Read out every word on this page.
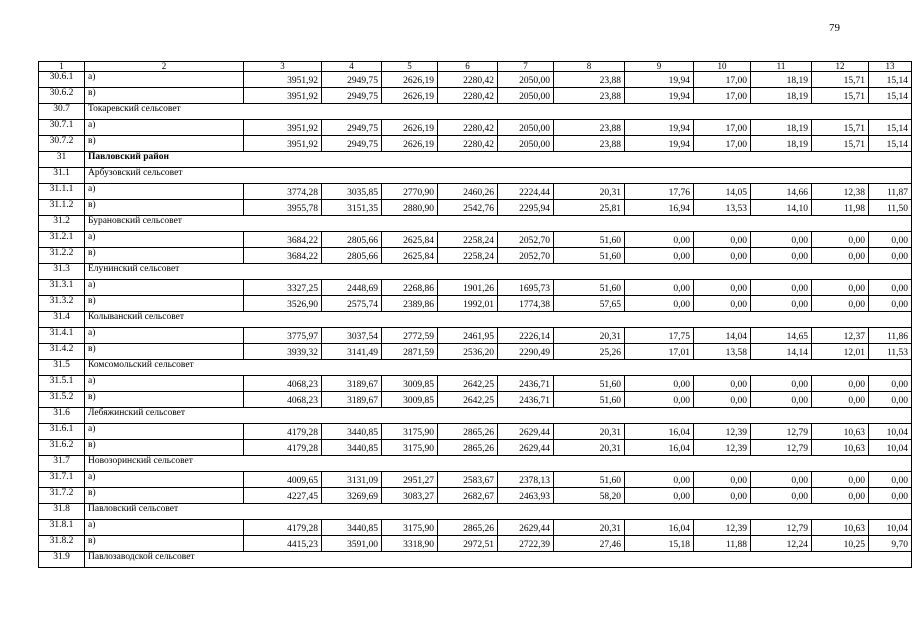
79
1	2	3	4	5	6	7	8	9	10	11	12	13
30.6.1	а)	3951,92	2949,75	2626,19	2280,42	2050,00	23,88	19,94	17,00	18,19	15,71	15,14
30.6.2	в)	3951,92	2949,75	2626,19	2280,42	2050,00	23,88	19,94	17,00	18,19	15,71	15,14
30.7	Токаревский сельсовет											
30.7.1	а)	3951,92	2949,75	2626,19	2280,42	2050,00	23,88	19,94	17,00	18,19	15,71	15,14
30.7.2	в)	3951,92	2949,75	2626,19	2280,42	2050,00	23,88	19,94	17,00	18,19	15,71	15,14
31	Павловский район											
31.1	Арбузовский сельсовет											
31.1.1	а)	3774,28	3035,85	2770,90	2460,26	2224,44	20,31	17,76	14,05	14,66	12,38	11,87
31.1.2	в)	3955,78	3151,35	2880,90	2542,76	2295,94	25,81	16,94	13,53	14,10	11,98	11,50
31.2	Бурановский сельсовет											
31.2.1	а)	3684,22	2805,66	2625,84	2258,24	2052,70	51,60	0,00	0,00	0,00	0,00	0,00
31.2.2	в)	3684,22	2805,66	2625,84	2258,24	2052,70	51,60	0,00	0,00	0,00	0,00	0,00
31.3	Елунинский сельсовет											
31.3.1	а)	3327,25	2448,69	2268,86	1901,26	1695,73	51,60	0,00	0,00	0,00	0,00	0,00
31.3.2	в)	3526,90	2575,74	2389,86	1992,01	1774,38	57,65	0,00	0,00	0,00	0,00	0,00
31.4	Колыванский сельсовет											
31.4.1	а)	3775,97	3037,54	2772,59	2461,95	2226,14	20,31	17,75	14,04	14,65	12,37	11,86
31.4.2	в)	3939,32	3141,49	2871,59	2536,20	2290,49	25,26	17,01	13,58	14,14	12,01	11,53
31.5	Комсомольский сельсовет											
31.5.1	а)	4068,23	3189,67	3009,85	2642,25	2436,71	51,60	0,00	0,00	0,00	0,00	0,00
31.5.2	в)	4068,23	3189,67	3009,85	2642,25	2436,71	51,60	0,00	0,00	0,00	0,00	0,00
31.6	Лебяжинский сельсовет											
31.6.1	а)	4179,28	3440,85	3175,90	2865,26	2629,44	20,31	16,04	12,39	12,79	10,63	10,04
31.6.2	в)	4179,28	3440,85	3175,90	2865,26	2629,44	20,31	16,04	12,39	12,79	10,63	10,04
31.7	Новозоринский сельсовет											
31.7.1	а)	4009,65	3131,09	2951,27	2583,67	2378,13	51,60	0,00	0,00	0,00	0,00	0,00
31.7.2	в)	4227,45	3269,69	3083,27	2682,67	2463,93	58,20	0,00	0,00	0,00	0,00	0,00
31.8	Павловский сельсовет											
31.8.1	а)	4179,28	3440,85	3175,90	2865,26	2629,44	20,31	16,04	12,39	12,79	10,63	10,04
31.8.2	в)	4415,23	3591,00	3318,90	2972,51	2722,39	27,46	15,18	11,88	12,24	10,25	9,70
31.9	Павлозаводской сельсовет											
